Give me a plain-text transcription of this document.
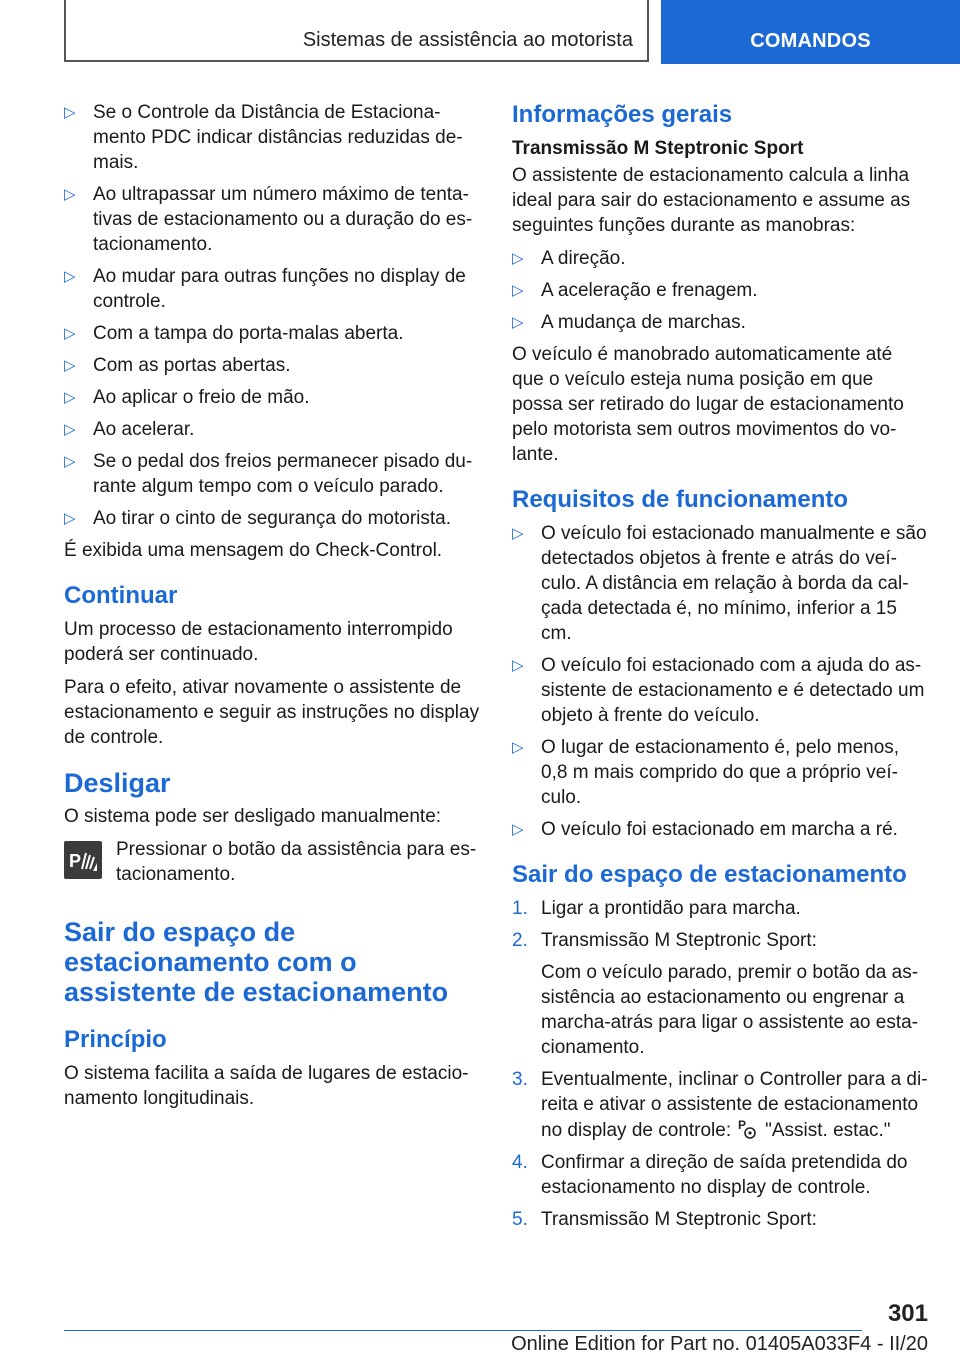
Sistemas de assistência ao motorista	COMANDOS
▷ Se o Controle da Distância de Estaciona-mento PDC indicar distâncias reduzidas de-mais.
▷ Ao ultrapassar um número máximo de tenta-tivas de estacionamento ou a duração do es-tacionamento.
▷ Ao mudar para outras funções no display de controle.
▷ Com a tampa do porta-malas aberta.
▷ Com as portas abertas.
▷ Ao aplicar o freio de mão.
▷ Ao acelerar.
▷ Se o pedal dos freios permanecer pisado du-rante algum tempo com o veículo parado.
▷ Ao tirar o cinto de segurança do motorista.

É exibida uma mensagem do Check-Control.

Continuar

Um processo de estacionamento interrompido poderá ser continuado.

Para o efeito, ativar novamente o assistente de estacionamento e seguir as instruções no display de controle.

Desligar

O sistema pode ser desligado manualmente:

P
Pressionar o botão da assistência para es-tacionamento.
Sair do espaço de estacionamento com o assistente de estacionamento
Princípio

O sistema facilita a saída de lugares de estacio-namento longitudinais.

Informações gerais
Transmissão M Steptronic Sport

O assistente de estacionamento calcula a linha ideal para sair do estacionamento e assume as seguintes funções durante as manobras:

▷ A direção.
▷ A aceleração e frenagem.
▷ A mudança de marchas.

O veículo é manobrado automaticamente até que o veículo esteja numa posição em que possa ser retirado do lugar de estacionamento pelo motorista sem outros movimentos do vo-lante.

Requisitos de funcionamento
▷ O veículo foi estacionado manualmente e são detectados objetos à frente e atrás do veí-culo. A distância em relação à borda da cal-çada detectada é, no mínimo, inferior a 15 cm.
▷ O veículo foi estacionado com a ajuda do as-sistente de estacionamento e é detectado um objeto à frente do veículo.
▷ O lugar de estacionamento é, pelo menos, 0,8 m mais comprido do que a próprio veí-culo.
▷ O veículo foi estacionado em marcha a ré.
Sair do espaço de estacionamento
1. Ligar a prontidão para marcha.
2. Transmissão M Steptronic Sport:
Com o veículo parado, premir o botão da as-sistência ao estacionamento ou engrenar a marcha-atrás para ligar o assistente ao esta-cionamento.
3. Eventualmente, inclinar o Controller para a di-reita e ativar o assistente de estacionamento no display de controle: P "Assist. estac."
4. Confirmar a direção de saída pretendida do estacionamento no display de controle.
5. Transmissão M Steptronic Sport:
301
Online Edition for Part no. 01405A033F4 - II/20
